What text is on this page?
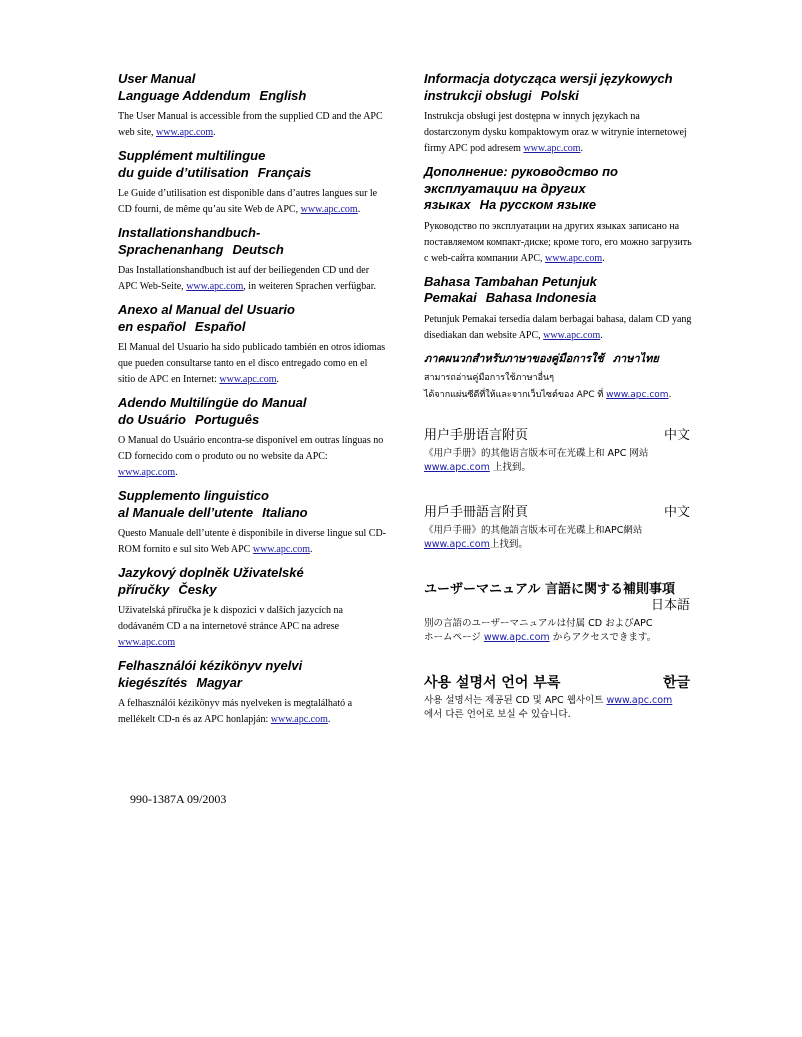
User Manual
Language Addendum English

The User Manual is accessible from the supplied CD and the APC web site, www.apc.com.

Supplément multilingue
du guide d’utilisation Français

Le Guide d’utilisation est disponible dans d’autres langues sur le CD fourni, de même qu’au site Web de APC, www.apc.com.

Installationshandbuch-
Sprachenanhang Deutsch

Das Installationshandbuch ist auf der beiliegenden CD und der APC Web-Seite, www.apc.com, in weiteren Sprachen verfügbar.

Anexo al Manual del Usuario
en español Español

El Manual del Usuario ha sido publicado también en otros idiomas que pueden consultarse tanto en el disco entregado como en el sitio de APC en Internet: www.apc.com.

Adendo Multilíngüe do Manual
do Usuário Português

O Manual do Usuário encontra-se disponível em outras línguas no CD fornecido com o produto ou no website da APC: www.apc.com.

Supplemento linguistico
al Manuale dell’utente Italiano

Questo Manuale dell’utente è disponibile in diverse lingue sul CD-ROM fornito e sul sito Web APC www.apc.com.

Jazykový doplněk Uživatelské
příručky Česky

Uživatelská příručka je k dispozici v dalších jazycích na dodávaném CD a na internetové stránce APC na adrese www.apc.com

Felhasználói kézikönyv nyelvi
kiegészítés Magyar

A felhasználói kézikönyv más nyelveken is megtalálható a mellékelt CD-n és az APC honlapján: www.apc.com.

Informacja dotycząca wersji językowych
instrukcji obsługi Polski

Instrukcja obsługi jest dostępna w innych językach na dostarczonym dysku kompaktowym oraz w witrynie internetowej firmy APC pod adresem www.apc.com.

Дополнение: руководство по
эксплуатации на других
языках На русском языке

Руководство по эксплуатации на других языках записано на поставляемом компакт-диске; кроме того, его можно загрузить с web-сайта компании APC, www.apc.com.

Bahasa Tambahan Petunjuk
Pemakai Bahasa Indonesia

Petunjuk Pemakai tersedia dalam berbagai bahasa, dalam CD yang disediakan dan website APC, www.apc.com.

ภาคผนวกสำหรับภาษาของคู่มือการใช้ ภาษาไทย

สามารถอ่านคู่มือการใช้ภาษาอื่นๆ
ได้จากแผ่นซีดีที่ให้และจากเว็บไซต์ของ APC ที่ www.apc.com.

用户手册语言附页	中文
《用户手册》的其他语言版本可在光碟上和 APC 网站
www.apc.com 上找到。
用戶手冊語言附頁	中文
《用戶手冊》的其他語言版本可在光碟上和APC網站
www.apc.com上找到。
ユーザーマニュアル 言語に関する補則事項
日本語
別の言語のユーザーマニュアルは付属 CD およびAPC
ホームページ www.apc.com からアクセスできます。
사용 설명서 언어 부록	한글
사용 설명서는 제공된 CD 및 APC 웹사이트 www.apc.com
에서 다른 언어로 보실 수 있습니다.
990-1387A 09/2003
